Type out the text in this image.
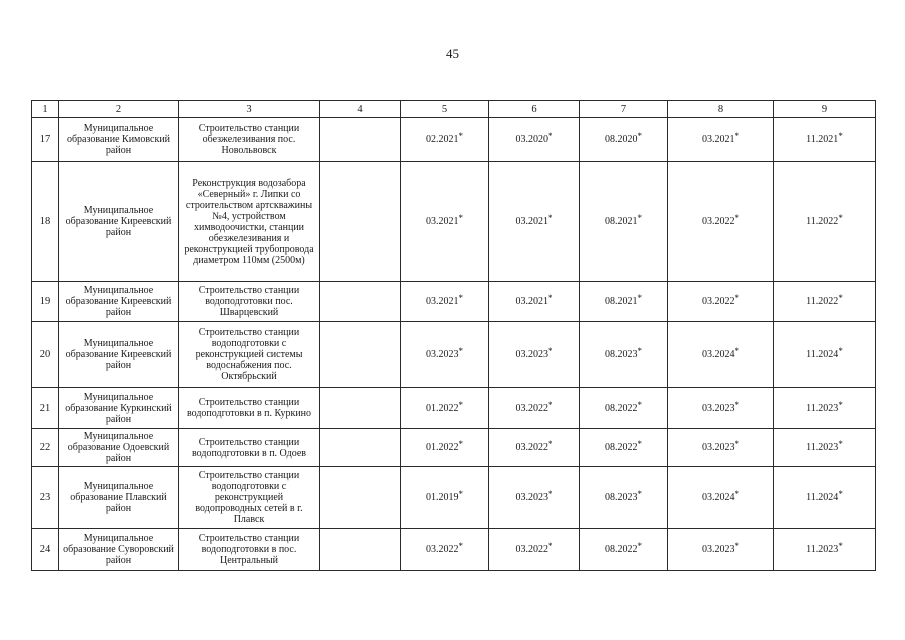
45
1	2	3	4	5	6	7	8	9
17	Муниципальное образование Кимовский район	Строительство станции обезжелезивания пос. Новольвовск		02.2021*	03.2020*	08.2020*	03.2021*	11.2021*
18	Муниципальное образование Киреевский район	Реконструкция водозабора «Северный» г. Липки со строительством артскважины №4, устройством химводоочистки, станции обезжелезивания и реконструкцией трубопровода диаметром 110мм (2500м)		03.2021*	03.2021*	08.2021*	03.2022*	11.2022*
19	Муниципальное образование Киреевский район	Строительство станции водоподготовки пос. Шварцевский		03.2021*	03.2021*	08.2021*	03.2022*	11.2022*
20	Муниципальное образование Киреевский район	Строительство станции водоподготовки с реконструкцией системы водоснабжения пос. Октябрьский		03.2023*	03.2023*	08.2023*	03.2024*	11.2024*
21	Муниципальное образование Куркинский район	Строительство станции водоподготовки в п. Куркино		01.2022*	03.2022*	08.2022*	03.2023*	11.2023*
22	Муниципальное образование Одоевский район	Строительство станции водоподготовки в п. Одоев		01.2022*	03.2022*	08.2022*	03.2023*	11.2023*
23	Муниципальное образование Плавский район	Строительство станции водоподготовки с реконструкцией водопроводных сетей в г. Плавск		01.2019*	03.2023*	08.2023*	03.2024*	11.2024*
24	Муниципальное образование Суворовский район	Строительство станции водоподготовки в пос. Центральный		03.2022*	03.2022*	08.2022*	03.2023*	11.2023*
